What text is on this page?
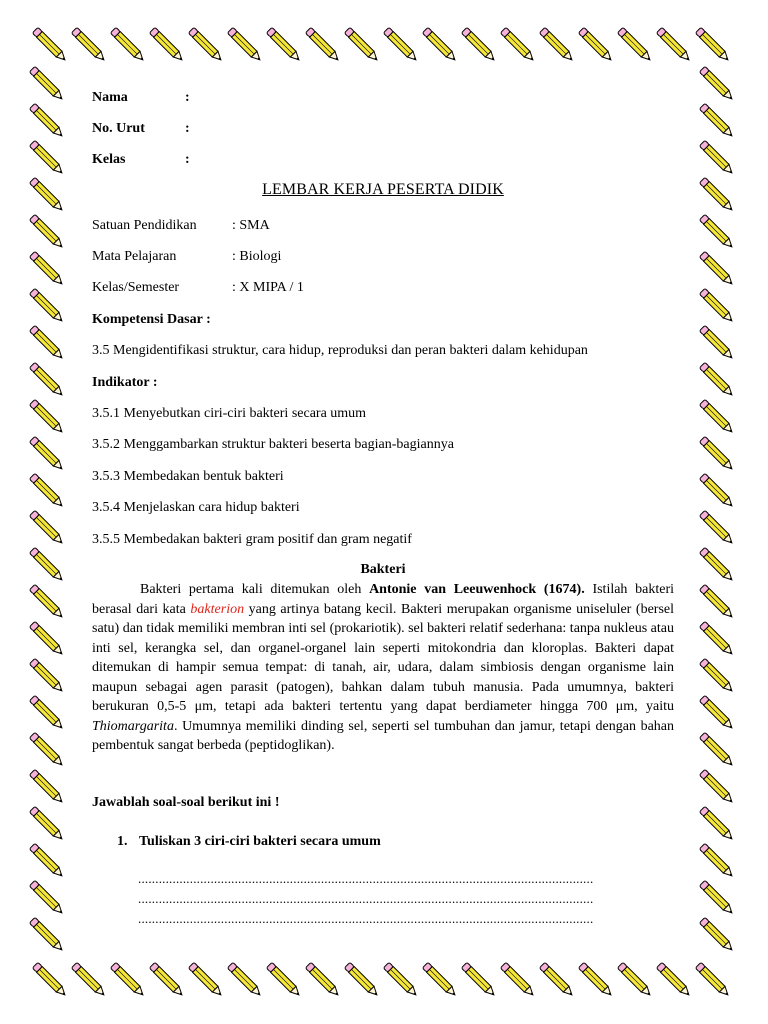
Nama	:
No. Urut	:
Kelas	:
LEMBAR KERJA PESERTA DIDIK
Satuan Pendidikan	: SMA
Mata Pelajaran	: Biologi
Kelas/Semester	: X MIPA / 1
Kompetensi Dasar :
3.5 Mengidentifikasi struktur, cara hidup, reproduksi dan peran bakteri dalam kehidupan
Indikator :
3.5.1 Menyebutkan ciri-ciri bakteri secara umum
3.5.2 Menggambarkan struktur bakteri beserta bagian-bagiannya
3.5.3 Membedakan bentuk bakteri
3.5.4 Menjelaskan cara hidup bakteri
3.5.5 Membedakan bakteri gram positif dan gram negatif
Bakteri
Bakteri pertama kali ditemukan oleh Antonie van Leeuwenhock (1674). Istilah bakteri berasal dari kata bakterion yang artinya batang kecil. Bakteri merupakan organisme uniseluler (bersel satu) dan tidak memiliki membran inti sel (prokariotik). sel bakteri relatif sederhana: tanpa nukleus atau inti sel, kerangka sel, dan organel-organel lain seperti mitokondria dan kloroplas. Bakteri dapat ditemukan di hampir semua tempat: di tanah, air, udara, dalam simbiosis dengan organisme lain maupun sebagai agen parasit (patogen), bahkan dalam tubuh manusia. Pada umumnya, bakteri berukuran 0,5-5 μm, tetapi ada bakteri tertentu yang dapat berdiameter hingga 700 μm, yaitu Thiomargarita. Umumnya memiliki dinding sel, seperti sel tumbuhan dan jamur, tetapi dengan bahan pembentuk sangat berbeda (peptidoglikan).
Jawablah soal-soal berikut ini !
1. Tuliskan 3 ciri-ciri bakteri secara umum
....................................................................................................................................
....................................................................................................................................
....................................................................................................................................
